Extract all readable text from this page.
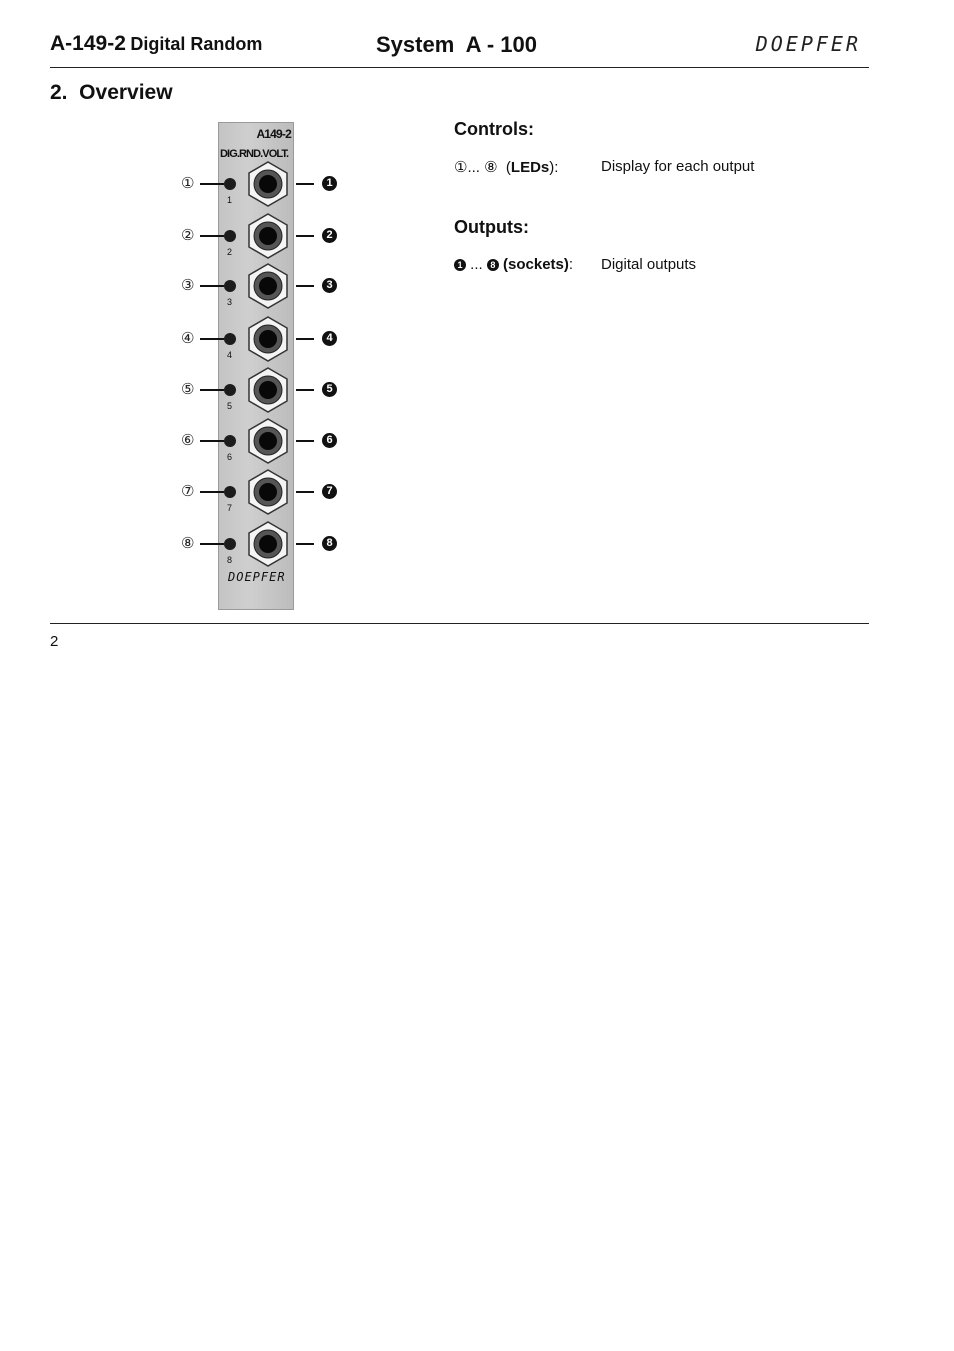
A-149-2 Digital Random	System  A - 100	DOEPFER
2.  Overview
A149-2
DIG.RND.VOLT.
DOEPFER
①
1
1
②
2
2
③
3
3
④
4
4
⑤
5
5
⑥
6
6
⑦
7
7
⑧
8
8
Controls:
①... ⑧  (LEDs):	Display for each output
Outputs:
1 ... 8 (sockets): Digital outputs
2
